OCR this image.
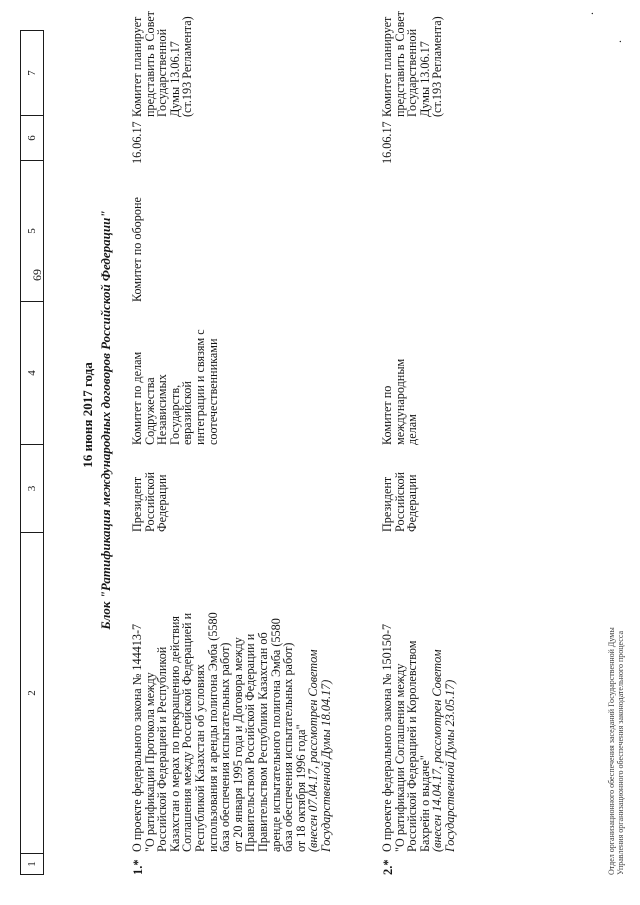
69
.
.
1
2
3
4
5
6
7
16 июня 2017 года Блок "Ратификация международных договоров Российской Федерации"
1.*
О проекте федерального закона № 144413-7
"О ратификации Протокола между
Российской Федерацией и Республикой
Казахстан о мерах по прекращению действия
Соглашения между Российской Федерацией и
Республикой Казахстан об условиях
использования и аренды полигона Эмба (5580
база обеспечения испытательных работ)
от 20 января 1995 года и Договора между
Правительством Российской Федерации и
Правительством Республики Казахстан об
аренде испытательного полигона Эмба (5580
база обеспечения испытательных работ)
от 18 октября 1996 года"
(внесен 07.04.17, рассмотрен Советом
Государственной Думы 18.04.17)
Президент
Российской
Федерации
Комитет по делам
Содружества
Независимых
Государств,
евразийской
интеграции и связям с
соотечественниками
Комитет по обороне
16.06.17
Комитет планирует
представить в Совет
Государственной
Думы 13.06.17
(ст.193 Регламента)
2.*
О проекте федерального закона № 150150-7
"О ратификации Соглашения между
Российской Федерацией и Королевством
Бахрейн о выдаче"
(внесен 14.04.17, рассмотрен Советом
Государственной Думы 23.05.17)
Президент
Российской
Федерации
Комитет по
международным
делам
16.06.17
Комитет планирует
представить в Совет
Государственной
Думы 13.06.17
(ст.193 Регламента)
Отдел организационного обеспечения заседаний Государственной Думы Управления организационного обеспечения законодательного процесса
